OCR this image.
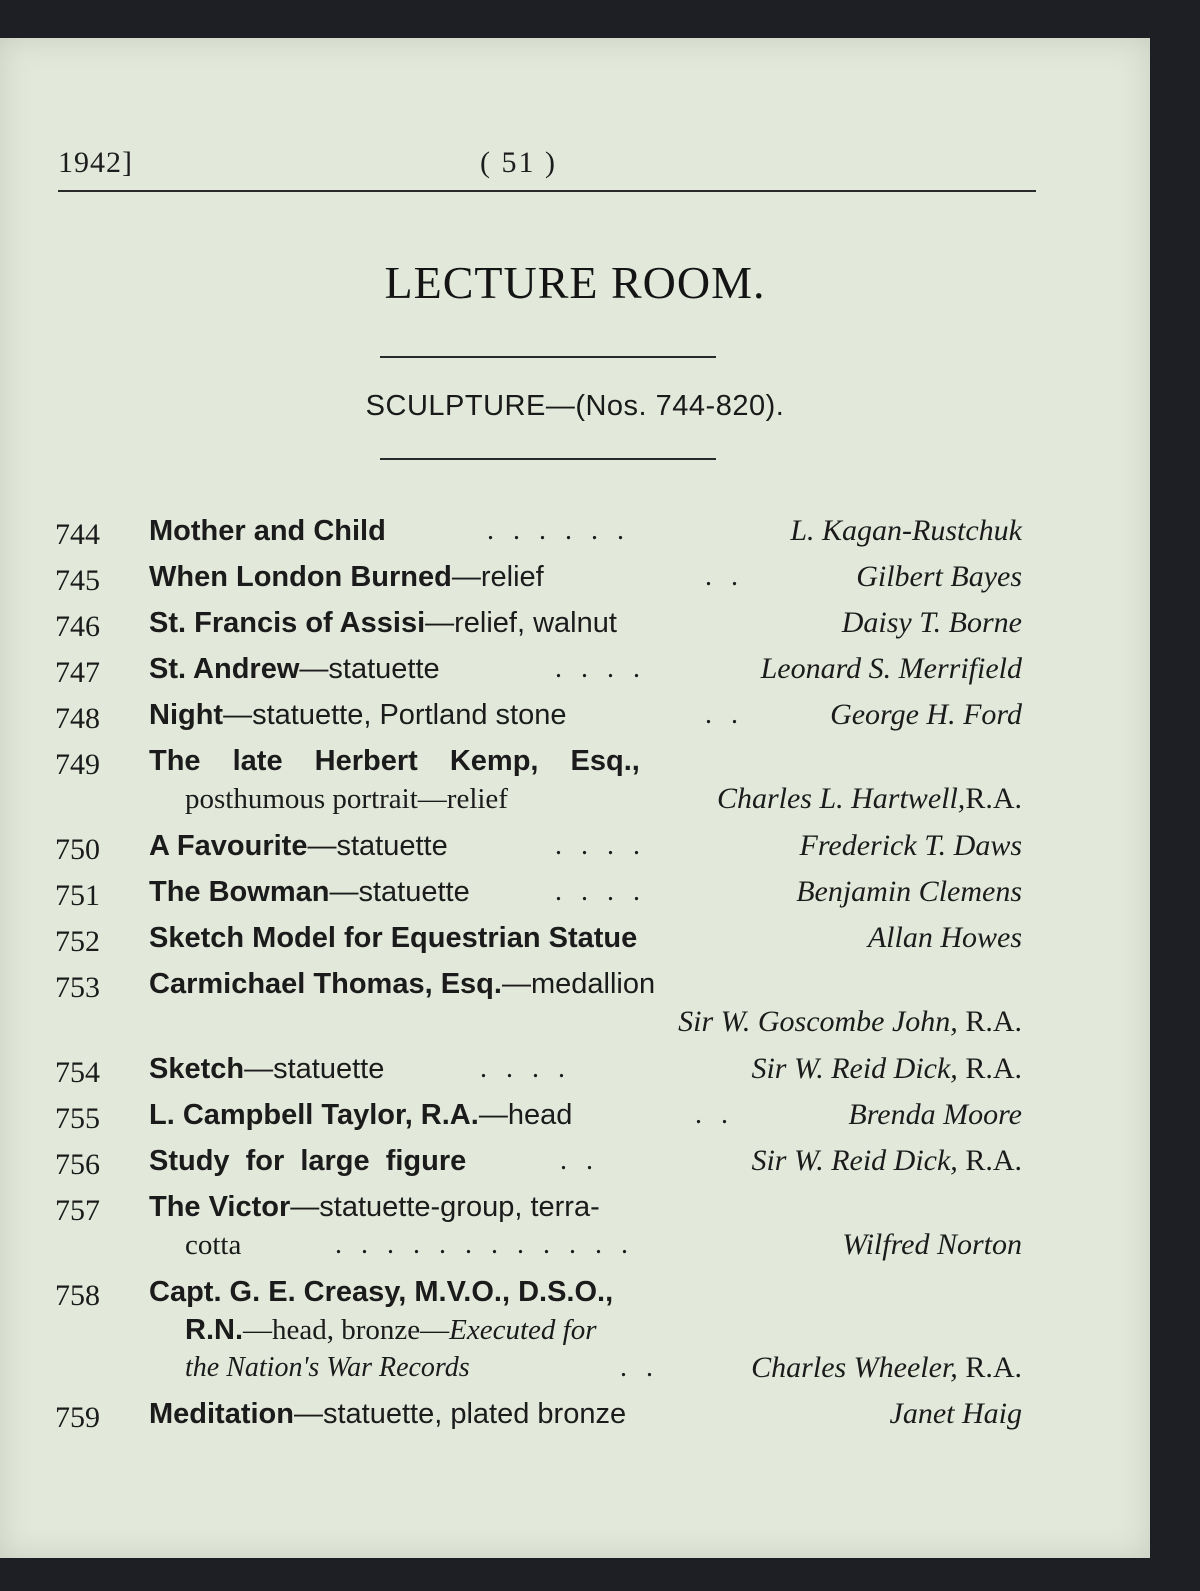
1942]	( 51 )
LECTURE ROOM.
SCULPTURE—(Nos. 744-820).
744 Mother and Child	. . . . . .	L. Kagan-Rustchuk
745 When London Burned—relief	. .	Gilbert Bayes
746 St. Francis of Assisi—relief, walnut	Daisy T. Borne
747 St. Andrew—statuette	. . . .	Leonard S. Merrifield
748 Night—statuette, Portland stone	. .	George H. Ford
749 The late Herbert Kemp, Esq.,
posthumous portrait—relief	Charles L. Hartwell,R.A.
750 A Favourite—statuette	. . . .	Frederick T. Daws
751 The Bowman—statuette	. . . .	Benjamin Clemens
752 Sketch Model for Equestrian Statue	Allan Howes
753 Carmichael Thomas, Esq.—medallion
Sir W. Goscombe John, R.A.
754 Sketch—statuette	. . . .	Sir W. Reid Dick, R.A.
755 L. Campbell Taylor, R.A.—head	. .	Brenda Moore
756 Study for large figure	. .	Sir W. Reid Dick, R.A.
757 The Victor—statuette-group, terra-
cotta	. . . . . . . . . . . .	Wilfred Norton
758 Capt. G. E. Creasy, M.V.O., D.S.O.,
R.N.—head, bronze—Executed for
the Nation's War Records	. .	Charles Wheeler, R.A.
759 Meditation—statuette, plated bronze	Janet Haig
